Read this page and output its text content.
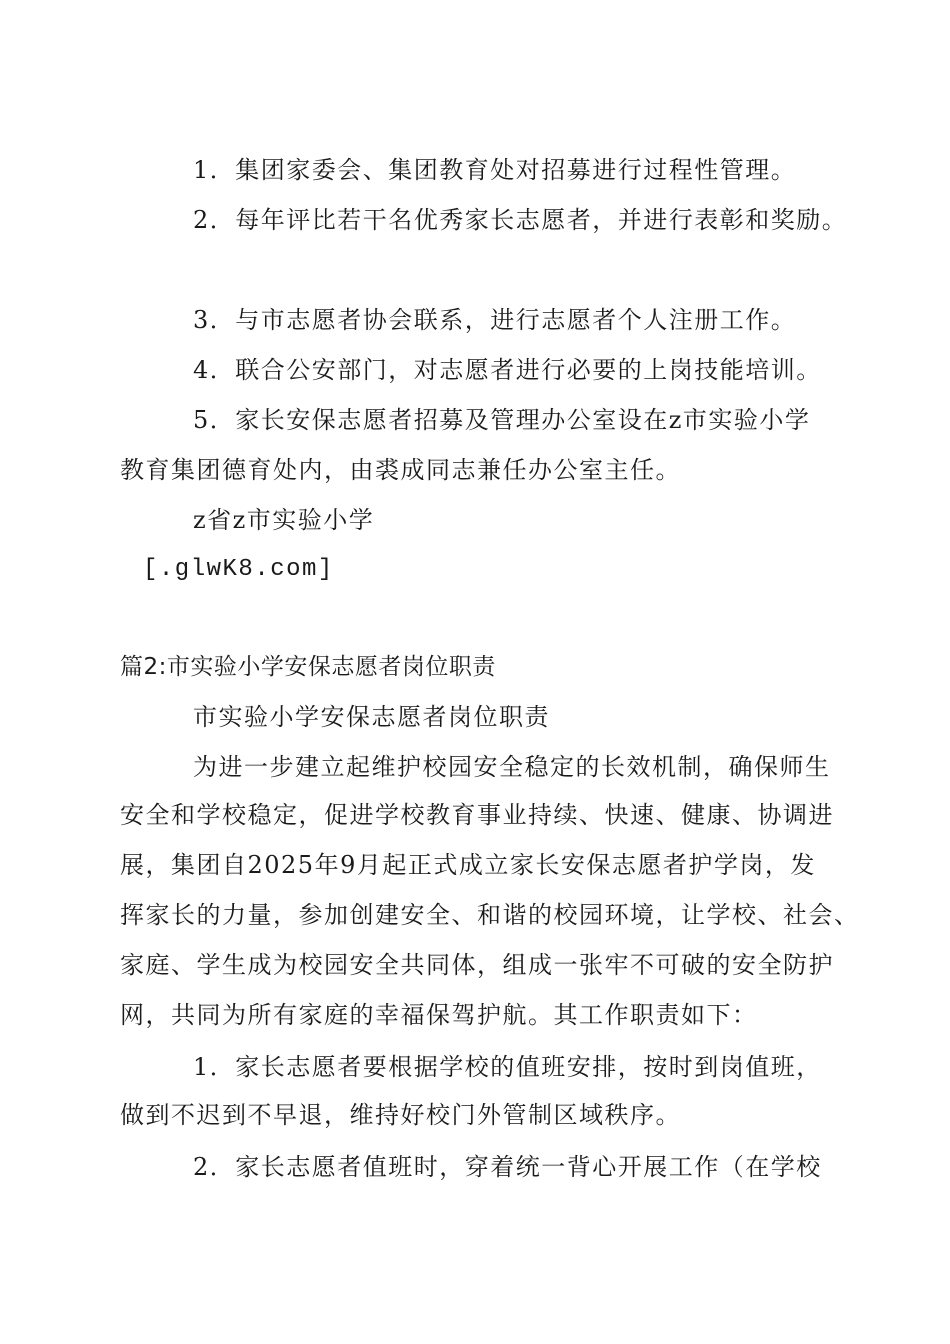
1．集团家委会、集团教育处对招募进行过程性管理。
2．每年评比若干名优秀家长志愿者，并进行表彰和奖励。
3．与市志愿者协会联系，进行志愿者个人注册工作。
4．联合公安部门，对志愿者进行必要的上岗技能培训。
5．家长安保志愿者招募及管理办公室设在z市实验小学
教育集团德育处内，由裘成同志兼任办公室主任。
z省z市实验小学
[.glwK8.com]
篇2:市实验小学安保志愿者岗位职责
市实验小学安保志愿者岗位职责
为进一步建立起维护校园安全稳定的长效机制，确保师生
安全和学校稳定，促进学校教育事业持续、快速、健康、协调进
展，集团自2025年9月起正式成立家长安保志愿者护学岗，发
挥家长的力量，参加创建安全、和谐的校园环境，让学校、社会、
家庭、学生成为校园安全共同体，组成一张牢不可破的安全防护
网，共同为所有家庭的幸福保驾护航。其工作职责如下：
1．家长志愿者要根据学校的值班安排，按时到岗值班，
做到不迟到不早退，维持好校门外管制区域秩序。
2．家长志愿者值班时，穿着统一背心开展工作（在学校
